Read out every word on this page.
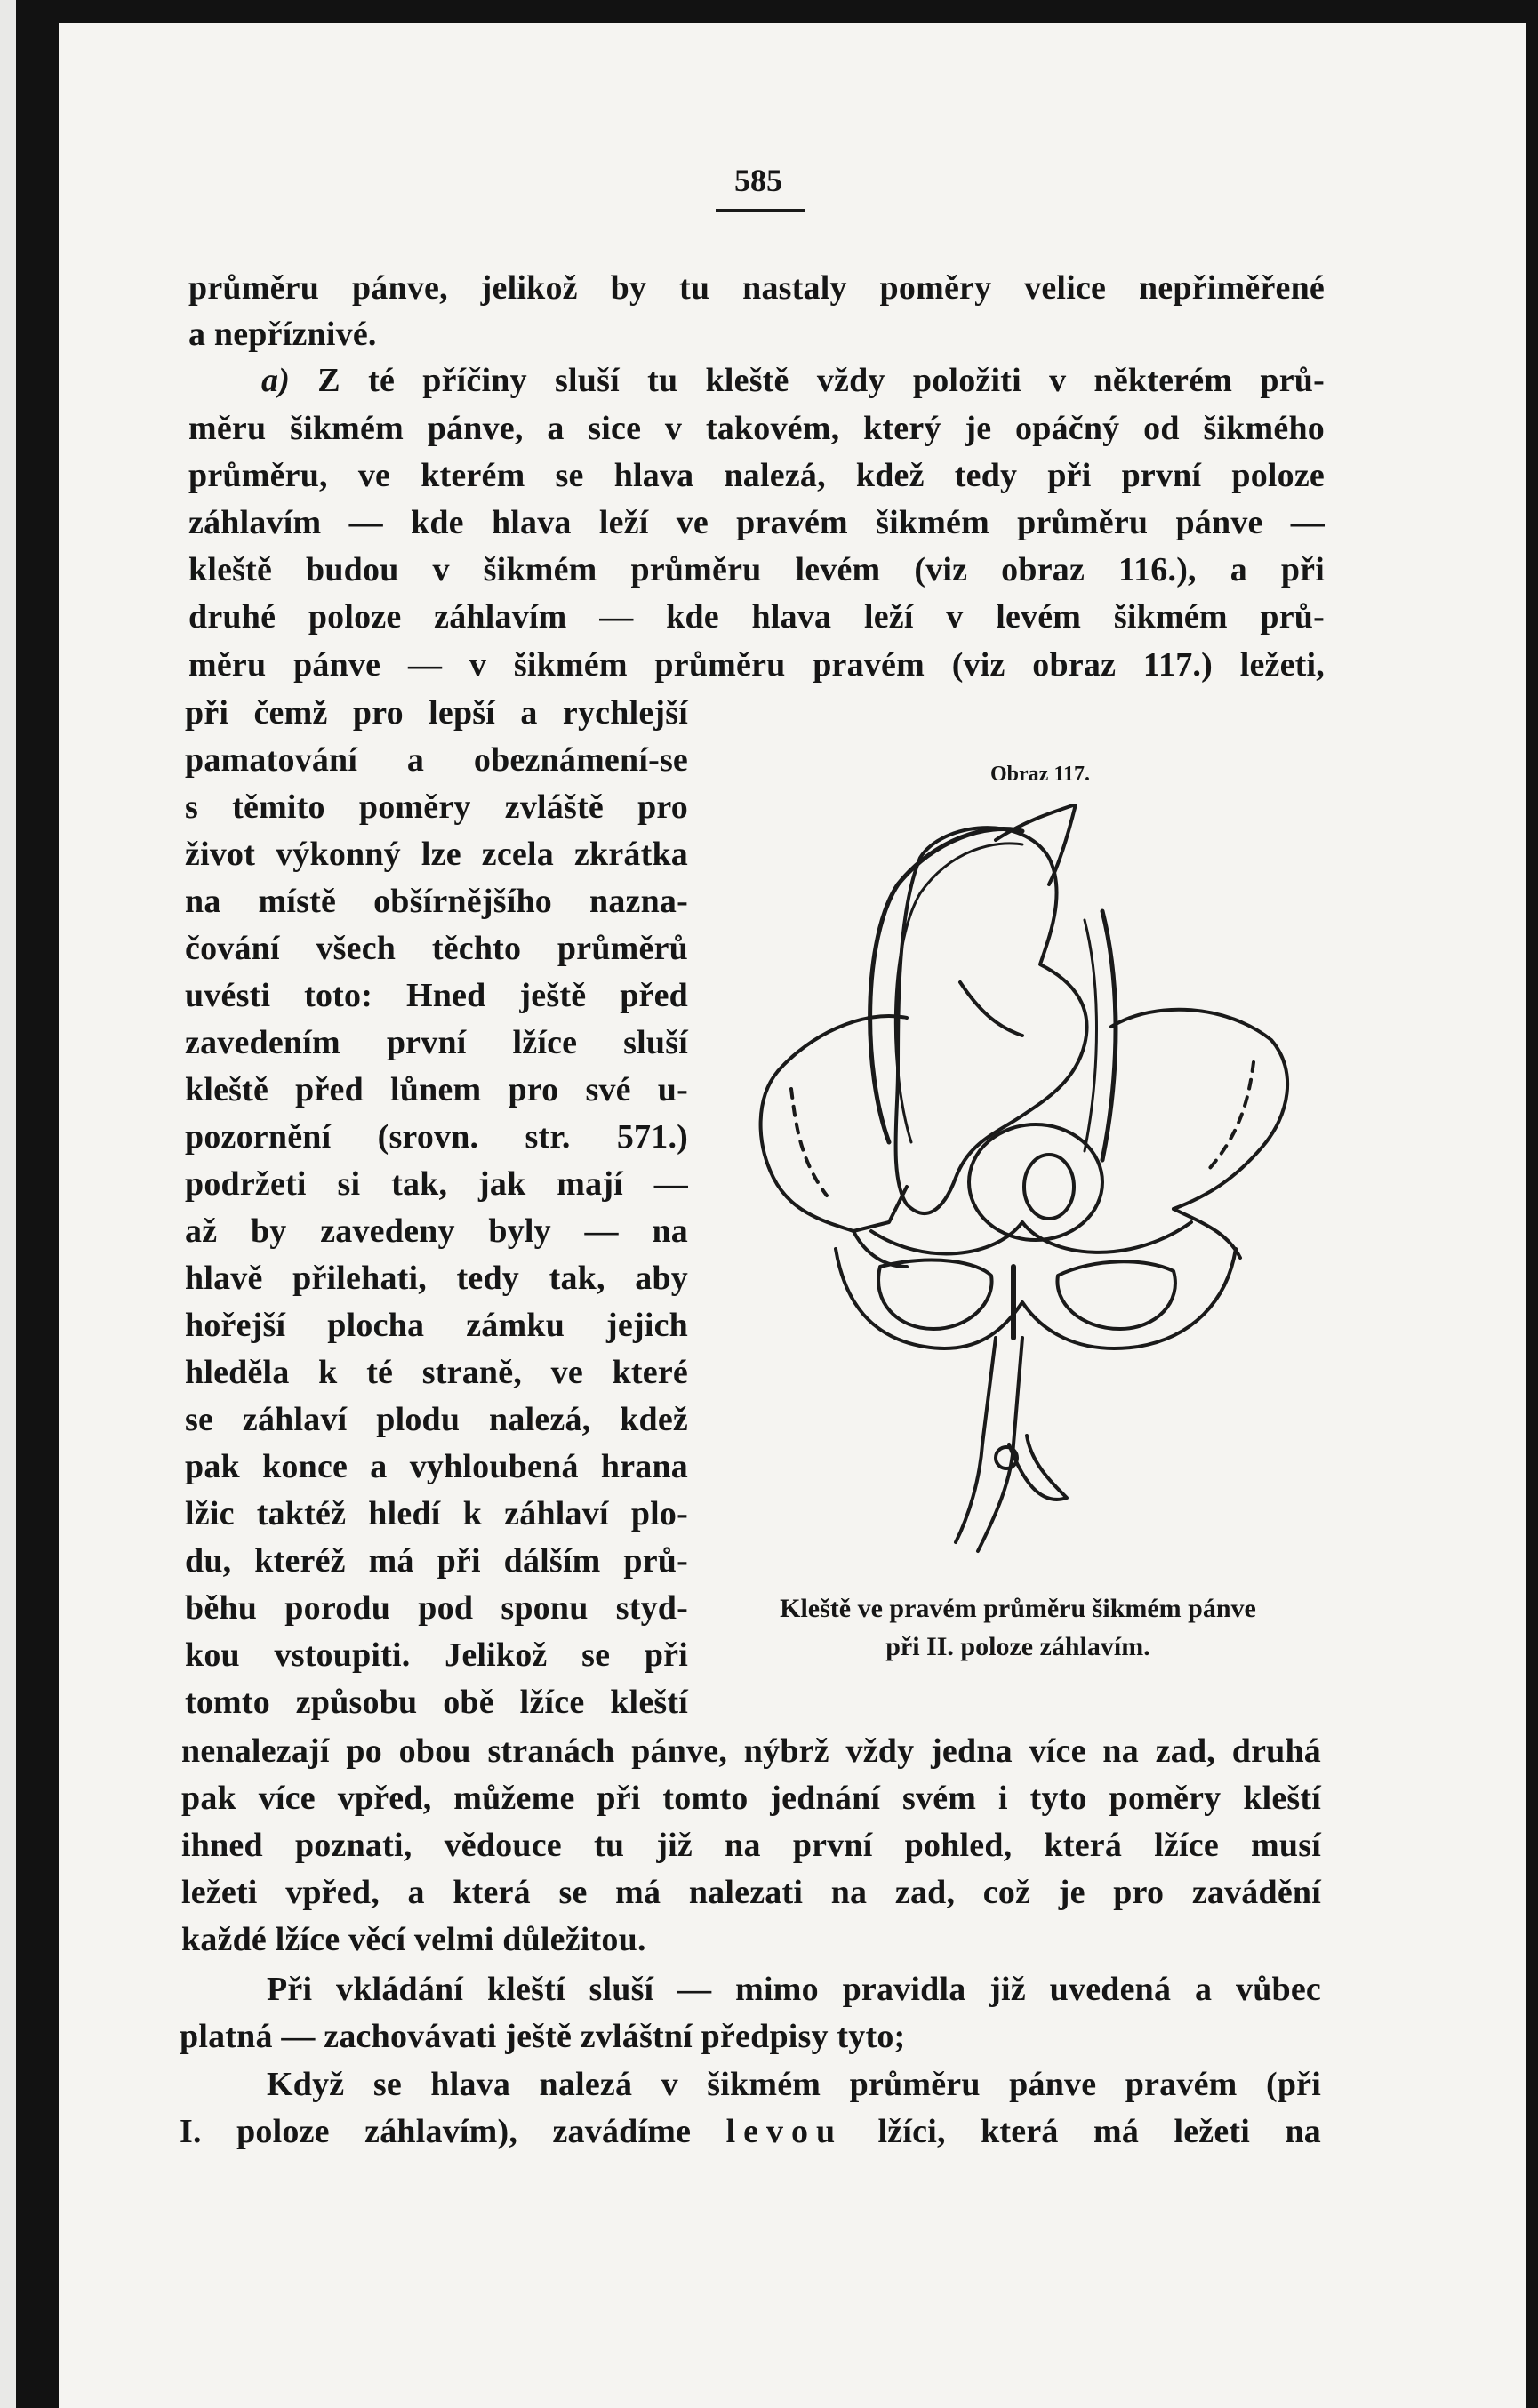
585
průměru pánve, jelikož by tu nastaly poměry velice nepřiměřené
a nepříznivé.
a) Z té příčiny sluší tu kleště vždy položiti v některém prů-
měru šikmém pánve, a sice v takovém, který je opáčný od šikmého
průměru, ve kterém se hlava nalezá, kdež tedy při první poloze
záhlavím — kde hlava leží ve pravém šikmém průměru pánve —
kleště budou v šikmém průměru levém (viz obraz 116.), a při
druhé poloze záhlavím — kde hlava leží v levém šikmém prů-
měru pánve — v šikmém průměru pravém (viz obraz 117.) ležeti,
při čemž pro lepší a rychlejší
pamatování a obeznámení-se
s těmito poměry zvláště pro
život výkonný lze zcela zkrátka
na místě obšírnějšího nazna-
čování všech těchto průměrů
uvésti toto: Hned ještě před
zavedením první lžíce sluší
kleště před lůnem pro své u-
pozornění (srovn. str. 571.)
podržeti si tak, jak mají —
až by zavedeny byly — na
hlavě přilehati, tedy tak, aby
hořejší plocha zámku jejich
hleděla k té straně, ve které
se záhlaví plodu nalezá, kdež
pak konce a vyhloubená hrana
lžic taktéž hledí k záhlaví plo-
du, kteréž má při dálším prů-
běhu porodu pod sponu styd-
kou vstoupiti. Jelikož se při
tomto způsobu obě lžíce kleští
nenalezají po obou stranách pánve, nýbrž vždy jedna více na zad, druhá
pak více vpřed, můžeme při tomto jednání svém i tyto poměry kleští
ihned poznati, vědouce tu již na první pohled, která lžíce musí
ležeti vpřed, a která se má nalezati na zad, což je pro zavádění
každé lžíce věcí velmi důležitou.
Při vkládání kleští sluší — mimo pravidla již uvedená a vůbec
platná — zachovávati ještě zvláštní předpisy tyto;
Když se hlava nalezá v šikmém průměru pánve pravém (při
I. poloze záhlavím), zavádíme levou lžíci, která má ležeti na
Obraz 117.
Kleště ve pravém průměru šikmém pánve
při II. poloze záhlavím.
